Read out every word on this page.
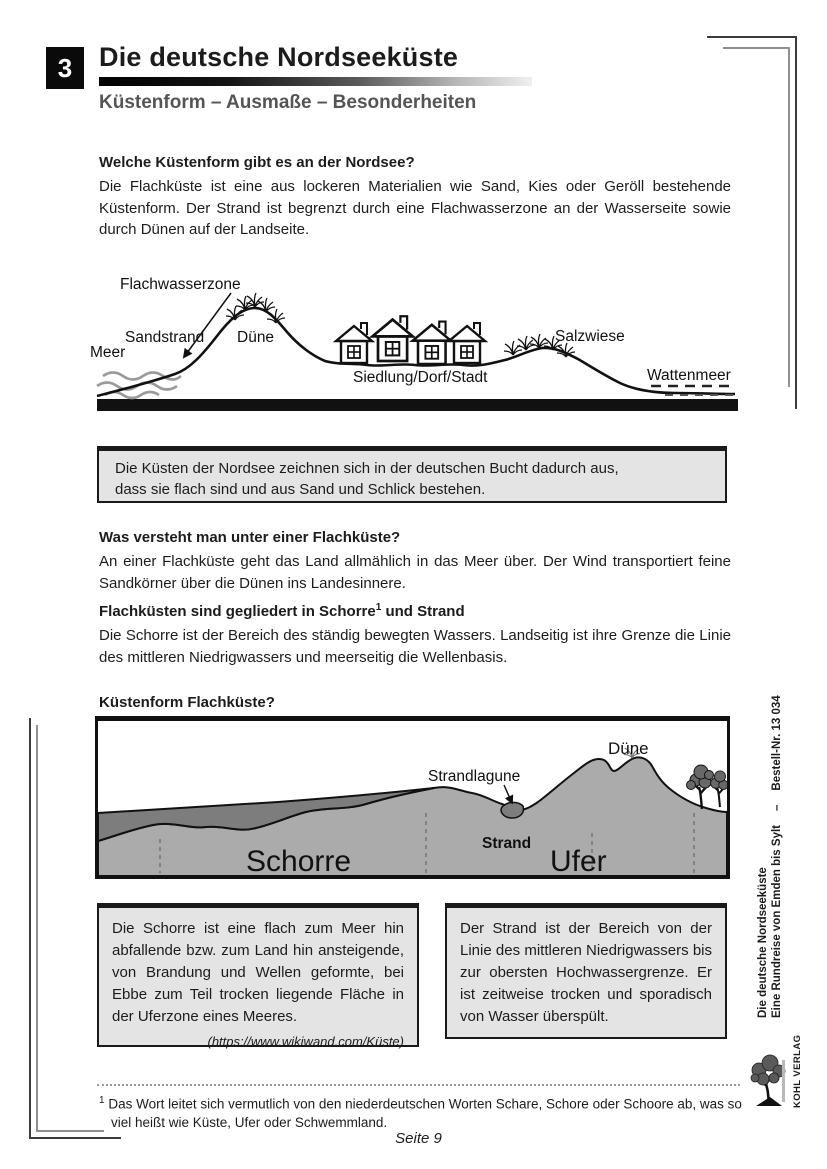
3 Die deutsche Nordseeküste
Küstenform – Ausmaße – Besonderheiten
Welche Küstenform gibt es an der Nordsee?
Die Flachküste ist eine aus lockeren Materialien wie Sand, Kies oder Geröll bestehende Küstenform. Der Strand ist begrenzt durch eine Flachwasserzone an der Wasserseite sowie durch Dünen auf der Landseite.
Flachwasserzone
Meer
Sandstrand Düne
Siedlung/Dorf/Stadt
Salzwiese
Wattenmeer
Die Küsten der Nordsee zeichnen sich in der deutschen Bucht dadurch aus,
dass sie flach sind und aus Sand und Schlick bestehen.
Was versteht man unter einer Flachküste?
An einer Flachküste geht das Land allmählich in das Meer über. Der Wind transportiert feine Sandkörner über die Dünen ins Landesinnere.
Flachküsten sind gegliedert in Schorre$^1$ und Strand
Die Schorre ist der Bereich des ständig bewegten Wassers. Landseitig ist ihre Grenze die Linie des mittleren Niedrigwassers und meerseitig die Wellenbasis.
Küstenform Flachküste?
Düne
Strandlagune
Strand
Schorre	Ufer
Die Schorre ist eine flach zum Meer hin abfallende bzw. zum Land hin ansteigende, von Brandung und Wellen geformte, bei Ebbe zum Teil trocken liegende Fläche in der Uferzone eines Meeres.
(https://www.wikiwand.com/Küste)
Der Strand ist der Bereich von der Linie des mittleren Niedrigwassers bis zur obersten Hochwassergrenze. Er ist zeitweise trocken und sporadisch von Wasser überspült.
$^1$ Das Wort leitet sich vermutlich von den niederdeutschen Worten Schare, Schore oder Schoore ab, was so viel heißt wie Küste, Ufer oder Schwemmland.
Seite 9
Die deutsche Nordseeküste Eine Rundreise von Emden bis Sylt–Bestell-Nr. 13 034
KOHL VERLAG
